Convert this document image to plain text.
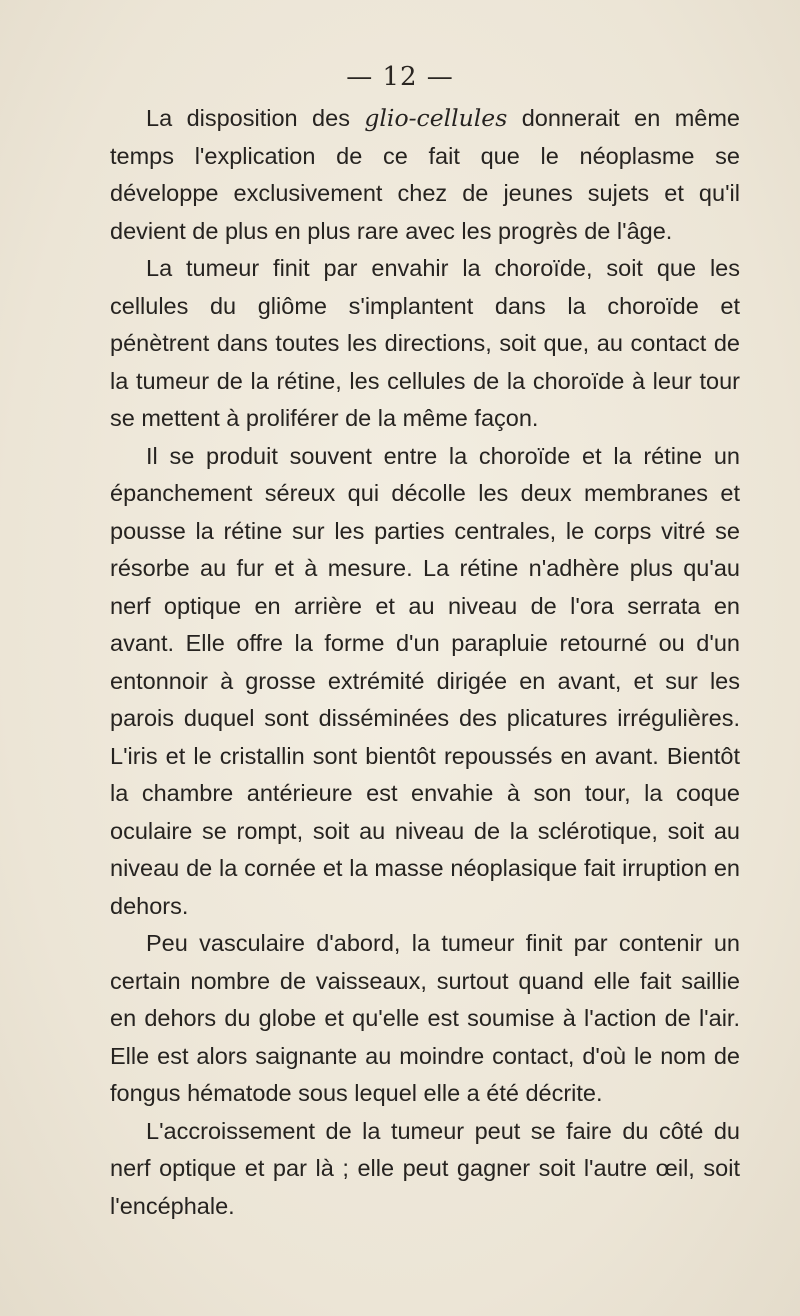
— 12 —

La disposition des glio-cellules donnerait en même temps l'explication de ce fait que le néoplasme se développe exclusivement chez de jeunes sujets et qu'il devient de plus en plus rare avec les progrès de l'âge.

La tumeur finit par envahir la choroïde, soit que les cellules du gliôme s'implantent dans la choroïde et pénètrent dans toutes les directions, soit que, au contact de la tumeur de la rétine, les cellules de la choroïde à leur tour se mettent à proliférer de la même façon.

Il se produit souvent entre la choroïde et la rétine un épanchement séreux qui décolle les deux membranes et pousse la rétine sur les parties centrales, le corps vitré se résorbe au fur et à mesure. La rétine n'adhère plus qu'au nerf optique en arrière et au niveau de l'ora serrata en avant. Elle offre la forme d'un parapluie retourné ou d'un entonnoir à grosse extrémité dirigée en avant, et sur les parois duquel sont disséminées des plicatures irrégulières. L'iris et le cristallin sont bientôt repoussés en avant. Bientôt la chambre antérieure est envahie à son tour, la coque oculaire se rompt, soit au niveau de la sclérotique, soit au niveau de la cornée et la masse néoplasique fait irruption en dehors.

Peu vasculaire d'abord, la tumeur finit par contenir un certain nombre de vaisseaux, surtout quand elle fait saillie en dehors du globe et qu'elle est soumise à l'action de l'air. Elle est alors saignante au moindre contact, d'où le nom de fongus hématode sous lequel elle a été décrite.

L'accroissement de la tumeur peut se faire du côté du nerf optique et par là ; elle peut gagner soit l'autre œil, soit l'encéphale.
